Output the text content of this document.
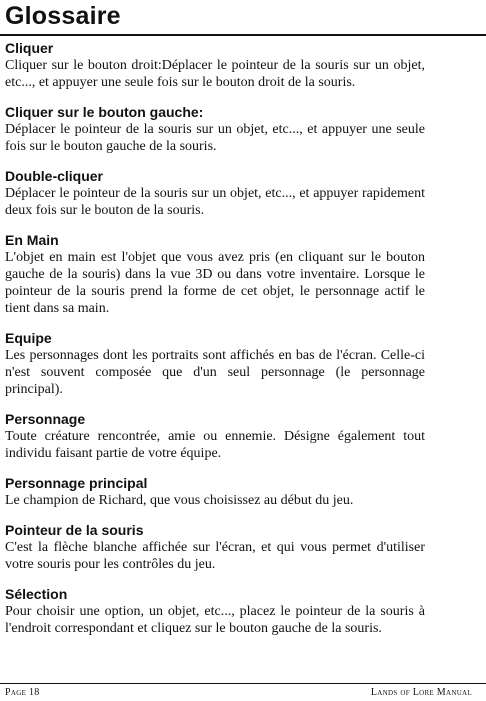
Glossaire

Cliquer

Cliquer sur le bouton droit:Déplacer le pointeur de la souris sur un objet, etc..., et appuyer une seule fois sur le bouton droit de la souris.

Cliquer sur le bouton gauche:

Déplacer le pointeur de la souris sur un objet, etc..., et appuyer une seule fois sur le bouton gauche de la souris.

Double-cliquer

Déplacer le pointeur de la souris sur un objet, etc..., et appuyer rapidement deux fois sur le bouton de la souris.

En Main

L'objet en main est l'objet que vous avez pris (en cliquant sur le bouton gauche de la souris) dans la vue 3D ou dans votre inventaire. Lorsque le pointeur de la souris prend la forme de cet objet, le personnage actif le tient dans sa main.

Equipe

Les personnages dont les portraits sont affichés en bas de l'écran. Celle-ci n'est souvent composée que d'un seul personnage (le personnage principal).

Personnage

Toute créature rencontrée, amie ou ennemie. Désigne également tout individu faisant partie de votre équipe.

Personnage principal

Le champion de Richard, que vous choisissez au début du jeu.

Pointeur de la souris

C'est la flèche blanche affichée sur l'écran, et qui vous permet d'utiliser votre souris pour les contrôles du jeu.

Sélection

Pour choisir une option, un objet, etc..., placez le pointeur de la souris à l'endroit correspondant et cliquez sur le bouton gauche de la souris.

Page 18	Lands of Lore Manual
